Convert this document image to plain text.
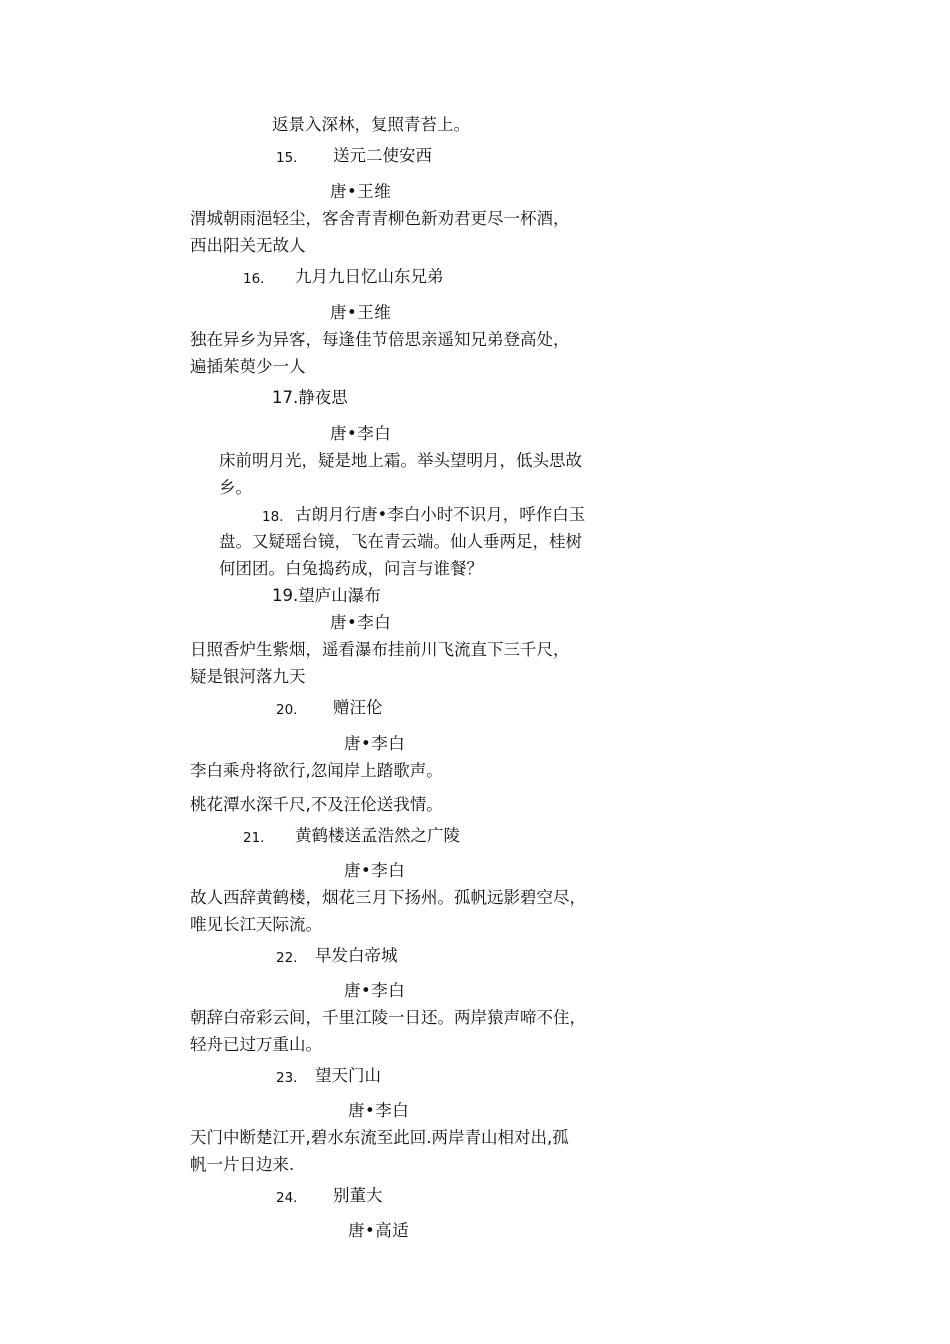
返景入深林，复照青苔上。
15. 送元二使安西
唐•王维
渭城朝雨浥轻尘，客舍青青柳色新劝君更尽一杯酒，
西出阳关无故人
16. 九月九日忆山东兄弟
唐•王维
独在异乡为异客，每逢佳节倍思亲遥知兄弟登高处，
遍插茱萸少一人
17.静夜思
唐•李白
床前明月光，疑是地上霜。举头望明月，低头思故
乡。
18. 古朗月行唐•李白小时不识月，呼作白玉
盘。又疑瑶台镜，飞在青云端。仙人垂两足，桂树
何团团。白兔捣药成，问言与谁餐？
19.望庐山瀑布
唐•李白
日照香炉生紫烟，遥看瀑布挂前川飞流直下三千尺，
疑是银河落九天
20. 赠汪伦
唐•李白
李白乘舟将欲行,忽闻岸上踏歌声。
桃花潭水深千尺,不及汪伦送我情。
21. 黄鹤楼送孟浩然之广陵
唐•李白
故人西辞黄鹤楼，烟花三月下扬州。孤帆远影碧空尽，
唯见长江天际流。
22. 早发白帝城
唐•李白
朝辞白帝彩云间，千里江陵一日还。两岸猿声啼不住，
轻舟已过万重山。
23. 望天门山
唐•李白
天门中断楚江开,碧水东流至此回.两岸青山相对出,孤
帆一片日边来.
24. 别董大
唐•高适
